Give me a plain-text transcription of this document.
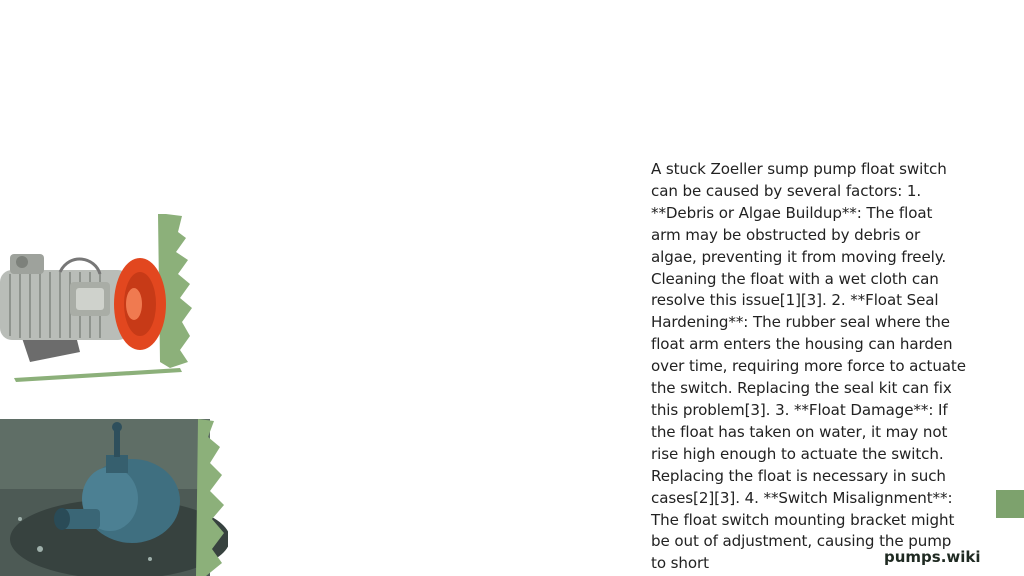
A stuck Zoeller sump pump float switch can be caused by several factors: 1. **Debris or Algae Buildup**: The float arm may be obstructed by debris or algae, preventing it from moving freely. Cleaning the float with a wet cloth can resolve this issue[1][3]. 2. **Float Seal Hardening**: The rubber seal where the float arm enters the housing can harden over time, requiring more force to actuate the switch. Replacing the seal kit can fix this problem[3]. 3. **Float Damage**: If the float has taken on water, it may not rise high enough to actuate the switch. Replacing the float is necessary in such cases[2][3]. 4. **Switch Misalignment**: The float switch mounting bracket might be out of adjustment, causing the pump to short	pumps.wiki
